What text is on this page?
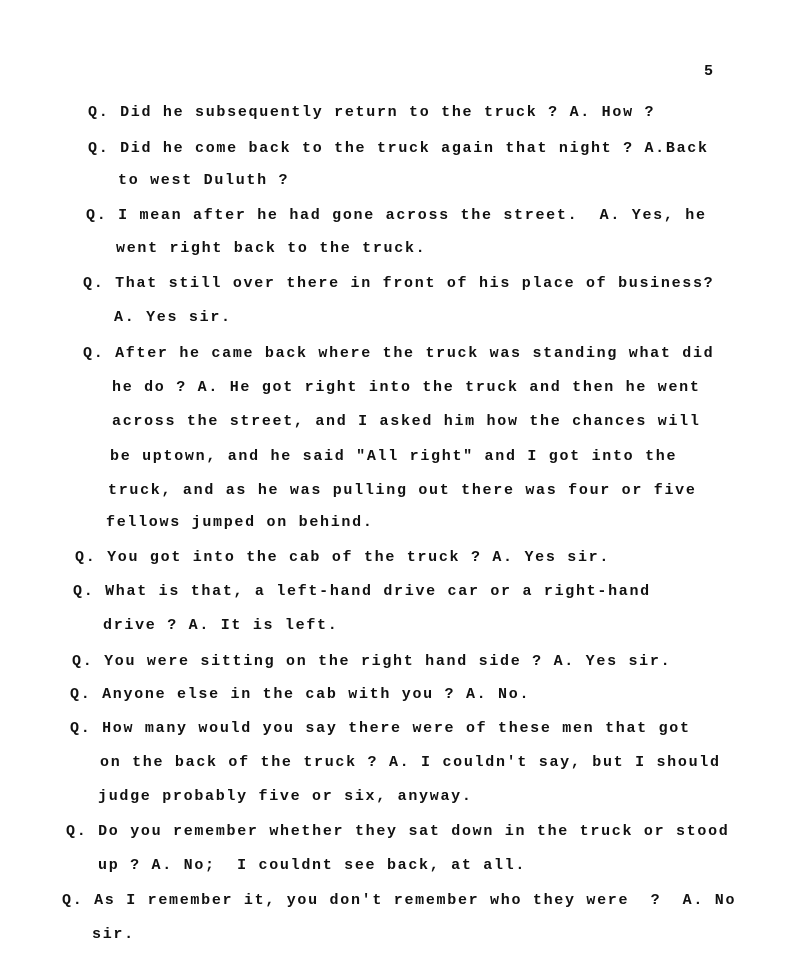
5
Q. Did he subsequently return to the truck ? A. How ?
Q. Did he come back to the truck again that night ? A.Back
to west Duluth ?
Q. I mean after he had gone across the street.  A. Yes, he
went right back to the truck.
Q. That still over there in front of his place of business?
A. Yes sir.
Q. After he came back where the truck was standing what did
he do ? A. He got right into the truck and then he went
across the street, and I asked him how the chances will
be uptown, and he said "All right" and I got into the
truck, and as he was pulling out there was four or five
fellows jumped on behind.
Q. You got into the cab of the truck ? A. Yes sir.
Q. What is that, a left-hand drive car or a right-hand
drive ? A. It is left.
Q. You were sitting on the right hand side ? A. Yes sir.
Q. Anyone else in the cab with you ? A. No.
Q. How many would you say there were of these men that got
on the back of the truck ? A. I couldn't say, but I should
judge probably five or six, anyway.
Q. Do you remember whether they sat down in the truck or stood
up ? A. No;  I couldnt see back, at all.
Q. As I remember it, you don't remember who they were  ?  A. No
sir.
